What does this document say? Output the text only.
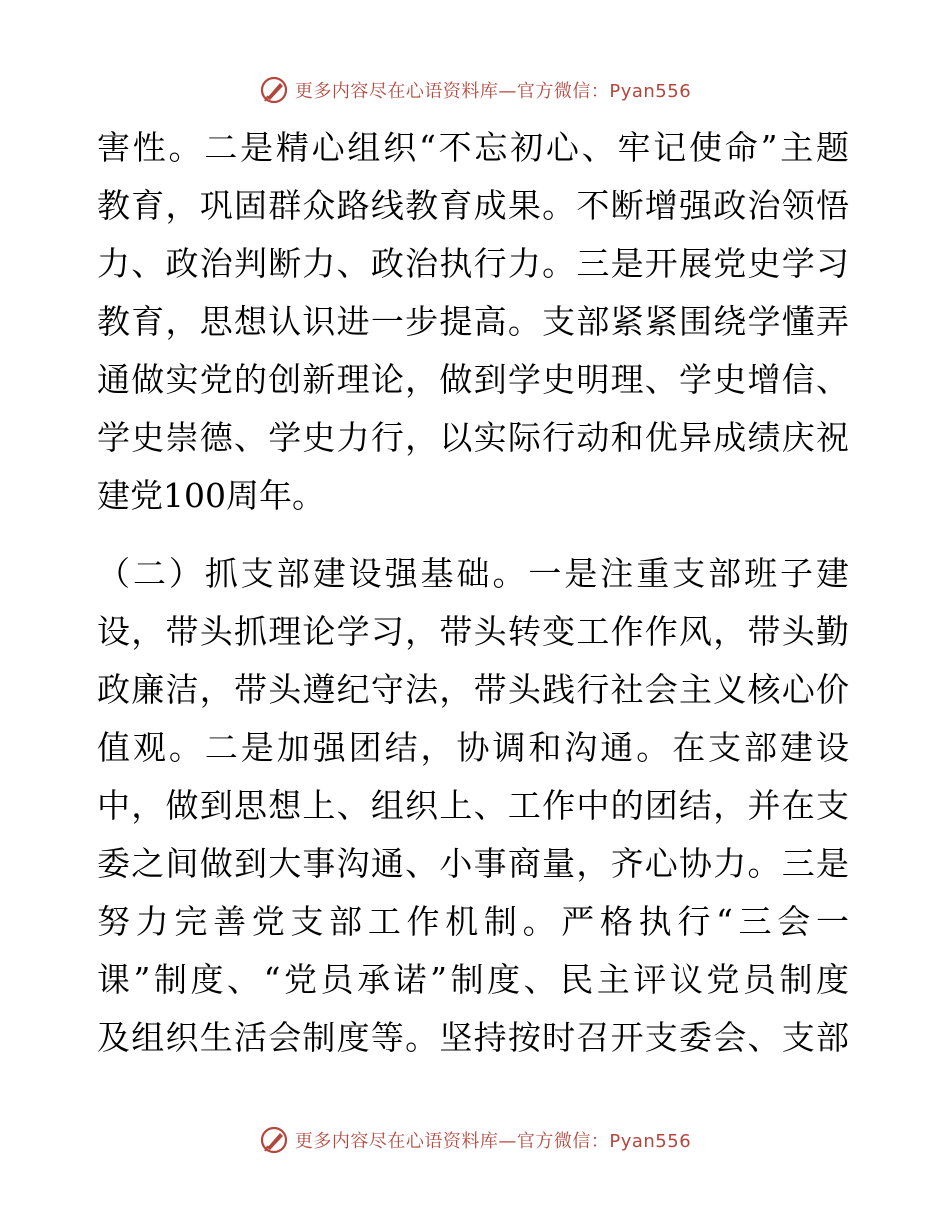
更多内容尽在心语资料库—官方微信：Pyan556
害性。二是精心组织“不忘初心、牢记使命”主题
教育，巩固群众路线教育成果。不断增强政治领悟
力、政治判断力、政治执行力。三是开展党史学习
教育，思想认识进一步提高。支部紧紧围绕学懂弄
通做实党的创新理论，做到学史明理、学史增信、
学史崇德、学史力行，以实际行动和优异成绩庆祝
建党100周年。
（二）抓支部建设强基础。一是注重支部班子建
设，带头抓理论学习，带头转变工作作风，带头勤
政廉洁，带头遵纪守法，带头践行社会主义核心价
值观。二是加强团结，协调和沟通。在支部建设
中，做到思想上、组织上、工作中的团结，并在支
委之间做到大事沟通、小事商量，齐心协力。三是
努力完善党支部工作机制。严格执行“三会一
课”制度、“党员承诺”制度、民主评议党员制度
及组织生活会制度等。坚持按时召开支委会、支部
更多内容尽在心语资料库—官方微信：Pyan556
